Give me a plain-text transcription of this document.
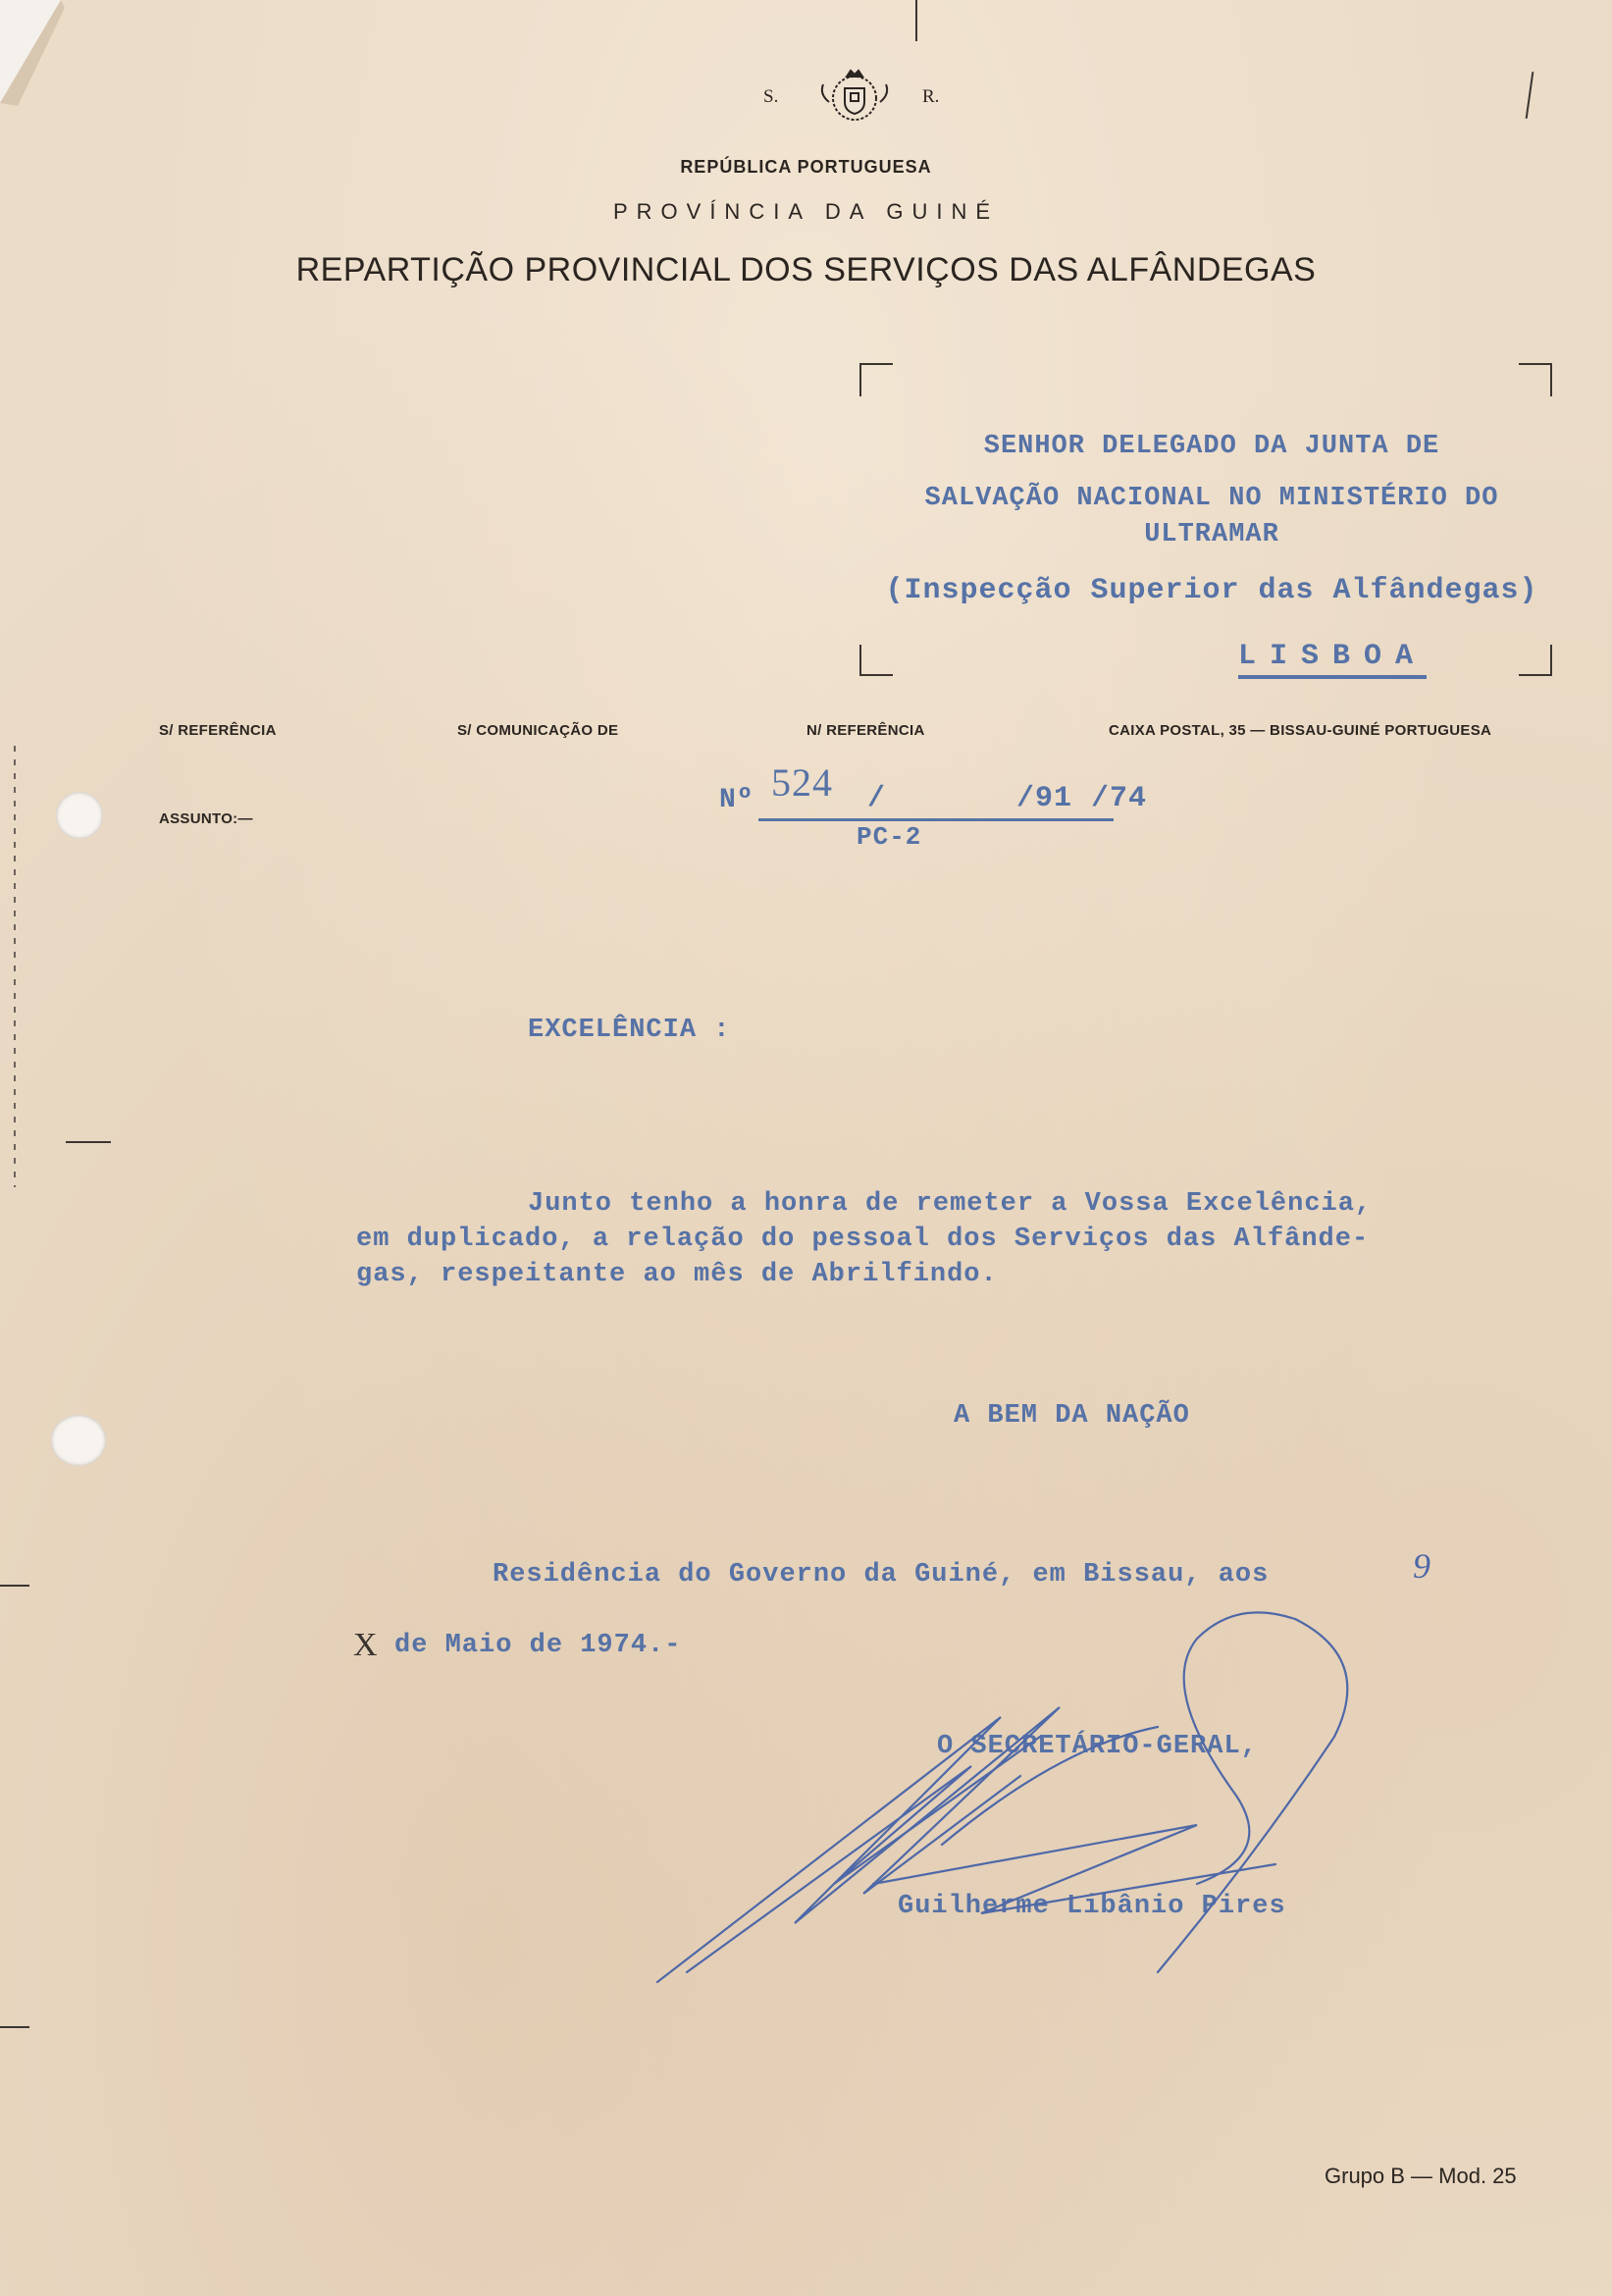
S.	R.
REPÚBLICA PORTUGUESA
PROVÍNCIA DA GUINÉ
REPARTIÇÃO PROVINCIAL DOS SERVIÇOS DAS ALFÂNDEGAS
SENHOR DELEGADO DA JUNTA DE
SALVAÇÃO NACIONAL NO MINISTÉRIO DO
ULTRAMAR
(Inspecção Superior das Alfândegas)
LISBOA
S/ REFERÊNCIA	S/ COMUNICAÇÃO DE	N/ REFERÊNCIA	CAIXA POSTAL, 35 — BISSAU-GUINÉ PORTUGUESA
ASSUNTO:—
Nº 524 /       /91 /74
PC-2
EXCELÊNCIA :
Junto tenho a honra de remeter a Vossa Excelência,
em duplicado, a relação do pessoal dos Serviços das Alfânde-
gas, respeitante ao mês de Abrilfindo.
A BEM DA NAÇÃO
Residência do Governo da Guiné, em Bissau, aos	9
X de Maio de 1974.-
O SECRETÁRIO-GERAL,
Guilherme Libânio Pires
Grupo B — Mod. 25
